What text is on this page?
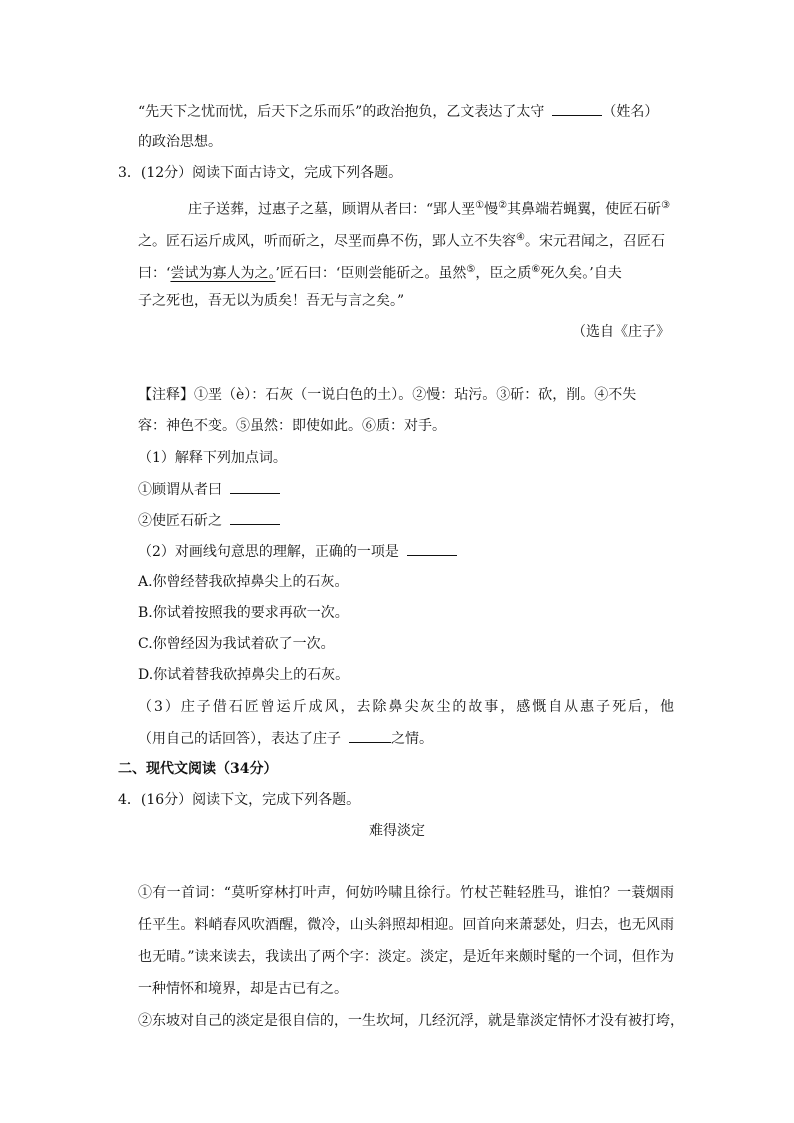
“先天下之忧而忧，后天下之乐而乐”的政治抱负，乙文表达了太守	（姓名）
的政治思想。
3．(12分）阅读下面古诗文，完成下列各题。
庄子送葬，过惠子之墓，顾谓从者曰：“郢人垩①慢②其鼻端若蝇翼，使匠石斫③
之。匠石运斤成风，听而斫之，尽垩而鼻不伤，郢人立不失容④。宋元君闻之，召匠石
曰：‘尝试为寡人为之。’匠石曰：‘臣则尝能斫之。虽然⑤，臣之质⑥死久矣。’自夫
子之死也，吾无以为质矣！吾无与言之矣。”
（选自《庄子》
【注释】①垩（è）：石灰（一说白色的土）。②慢：玷污。③斫：砍，削。④不失
容：神色不变。⑤虽然：即使如此。⑥质：对手。
（1）解释下列加点词。
①顾谓从者曰
②使匠石斫之
（2）对画线句意思的理解，正确的一项是
A.你曾经替我砍掉鼻尖上的石灰。
B.你试着按照我的要求再砍一次。
C.你曾经因为我试着砍了一次。
D.你试着替我砍掉鼻尖上的石灰。
（3）庄子借石匠曾运斤成风，去除鼻尖灰尘的故事，感慨自从惠子死后，他
（用自己的话回答），表达了庄子	之情。
二、现代文阅读（34分）
4．(16分）阅读下文，完成下列各题。
难得淡定
①有一首词：“莫听穿林打叶声，何妨吟啸且徐行。竹杖芒鞋轻胜马，谁怕？一蓑烟雨
任平生。料峭春风吹酒醒，微冷，山头斜照却相迎。回首向来萧瑟处，归去，也无风雨
也无晴。”读来读去，我读出了两个字：淡定。淡定，是近年来颇时髦的一个词，但作为
一种情怀和境界，却是古已有之。
②东坡对自己的淡定是很自信的，一生坎坷，几经沉浮，就是靠淡定情怀才没有被打垮，
